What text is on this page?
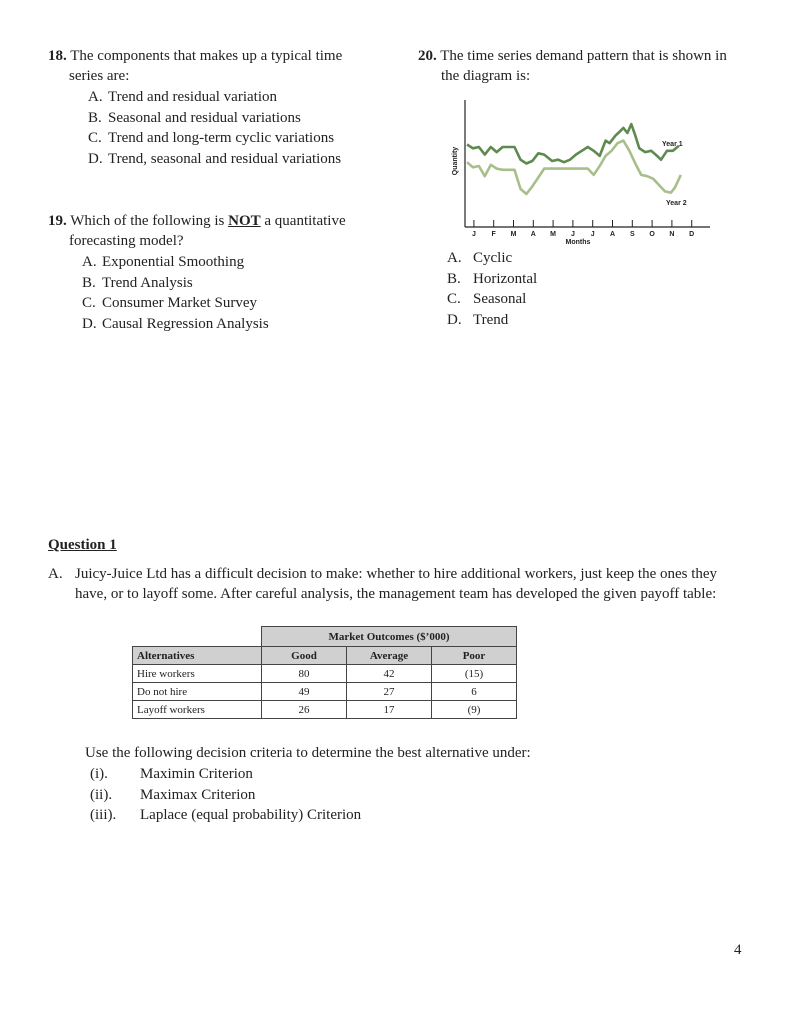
18. The components that makes up a typical time
series are:
A. Trend and residual variation
B. Seasonal and residual variations
C. Trend and long-term cyclic variations
D. Trend, seasonal and residual variations
19. Which of the following is NOT a quantitative
forecasting model?
A. Exponential Smoothing
B. Trend Analysis
C. Consumer Market Survey
D. Causal Regression Analysis
20. The time series demand pattern that is shown in
the diagram is:
Quantity
Months
J F M A M J J A S O N D
Year 1
Year 2
A. Cyclic
B. Horizontal
C. Seasonal
D. Trend
Question 1
A. Juicy-Juice Ltd has a difficult decision to make: whether to hire additional workers, just keep the ones they
have, or to layoff some. After careful analysis, the management team has developed the given payoff table:
	Market Outcomes ($’000)		
Alternatives	Good	Average	Poor
Hire workers	80	42	(15)
Do not hire	49	27	6
Layoff workers	26	17	(9)
Use the following decision criteria to determine the best alternative under:
(i). Maximin Criterion
(ii). Maximax Criterion
(iii). Laplace (equal probability) Criterion
4
